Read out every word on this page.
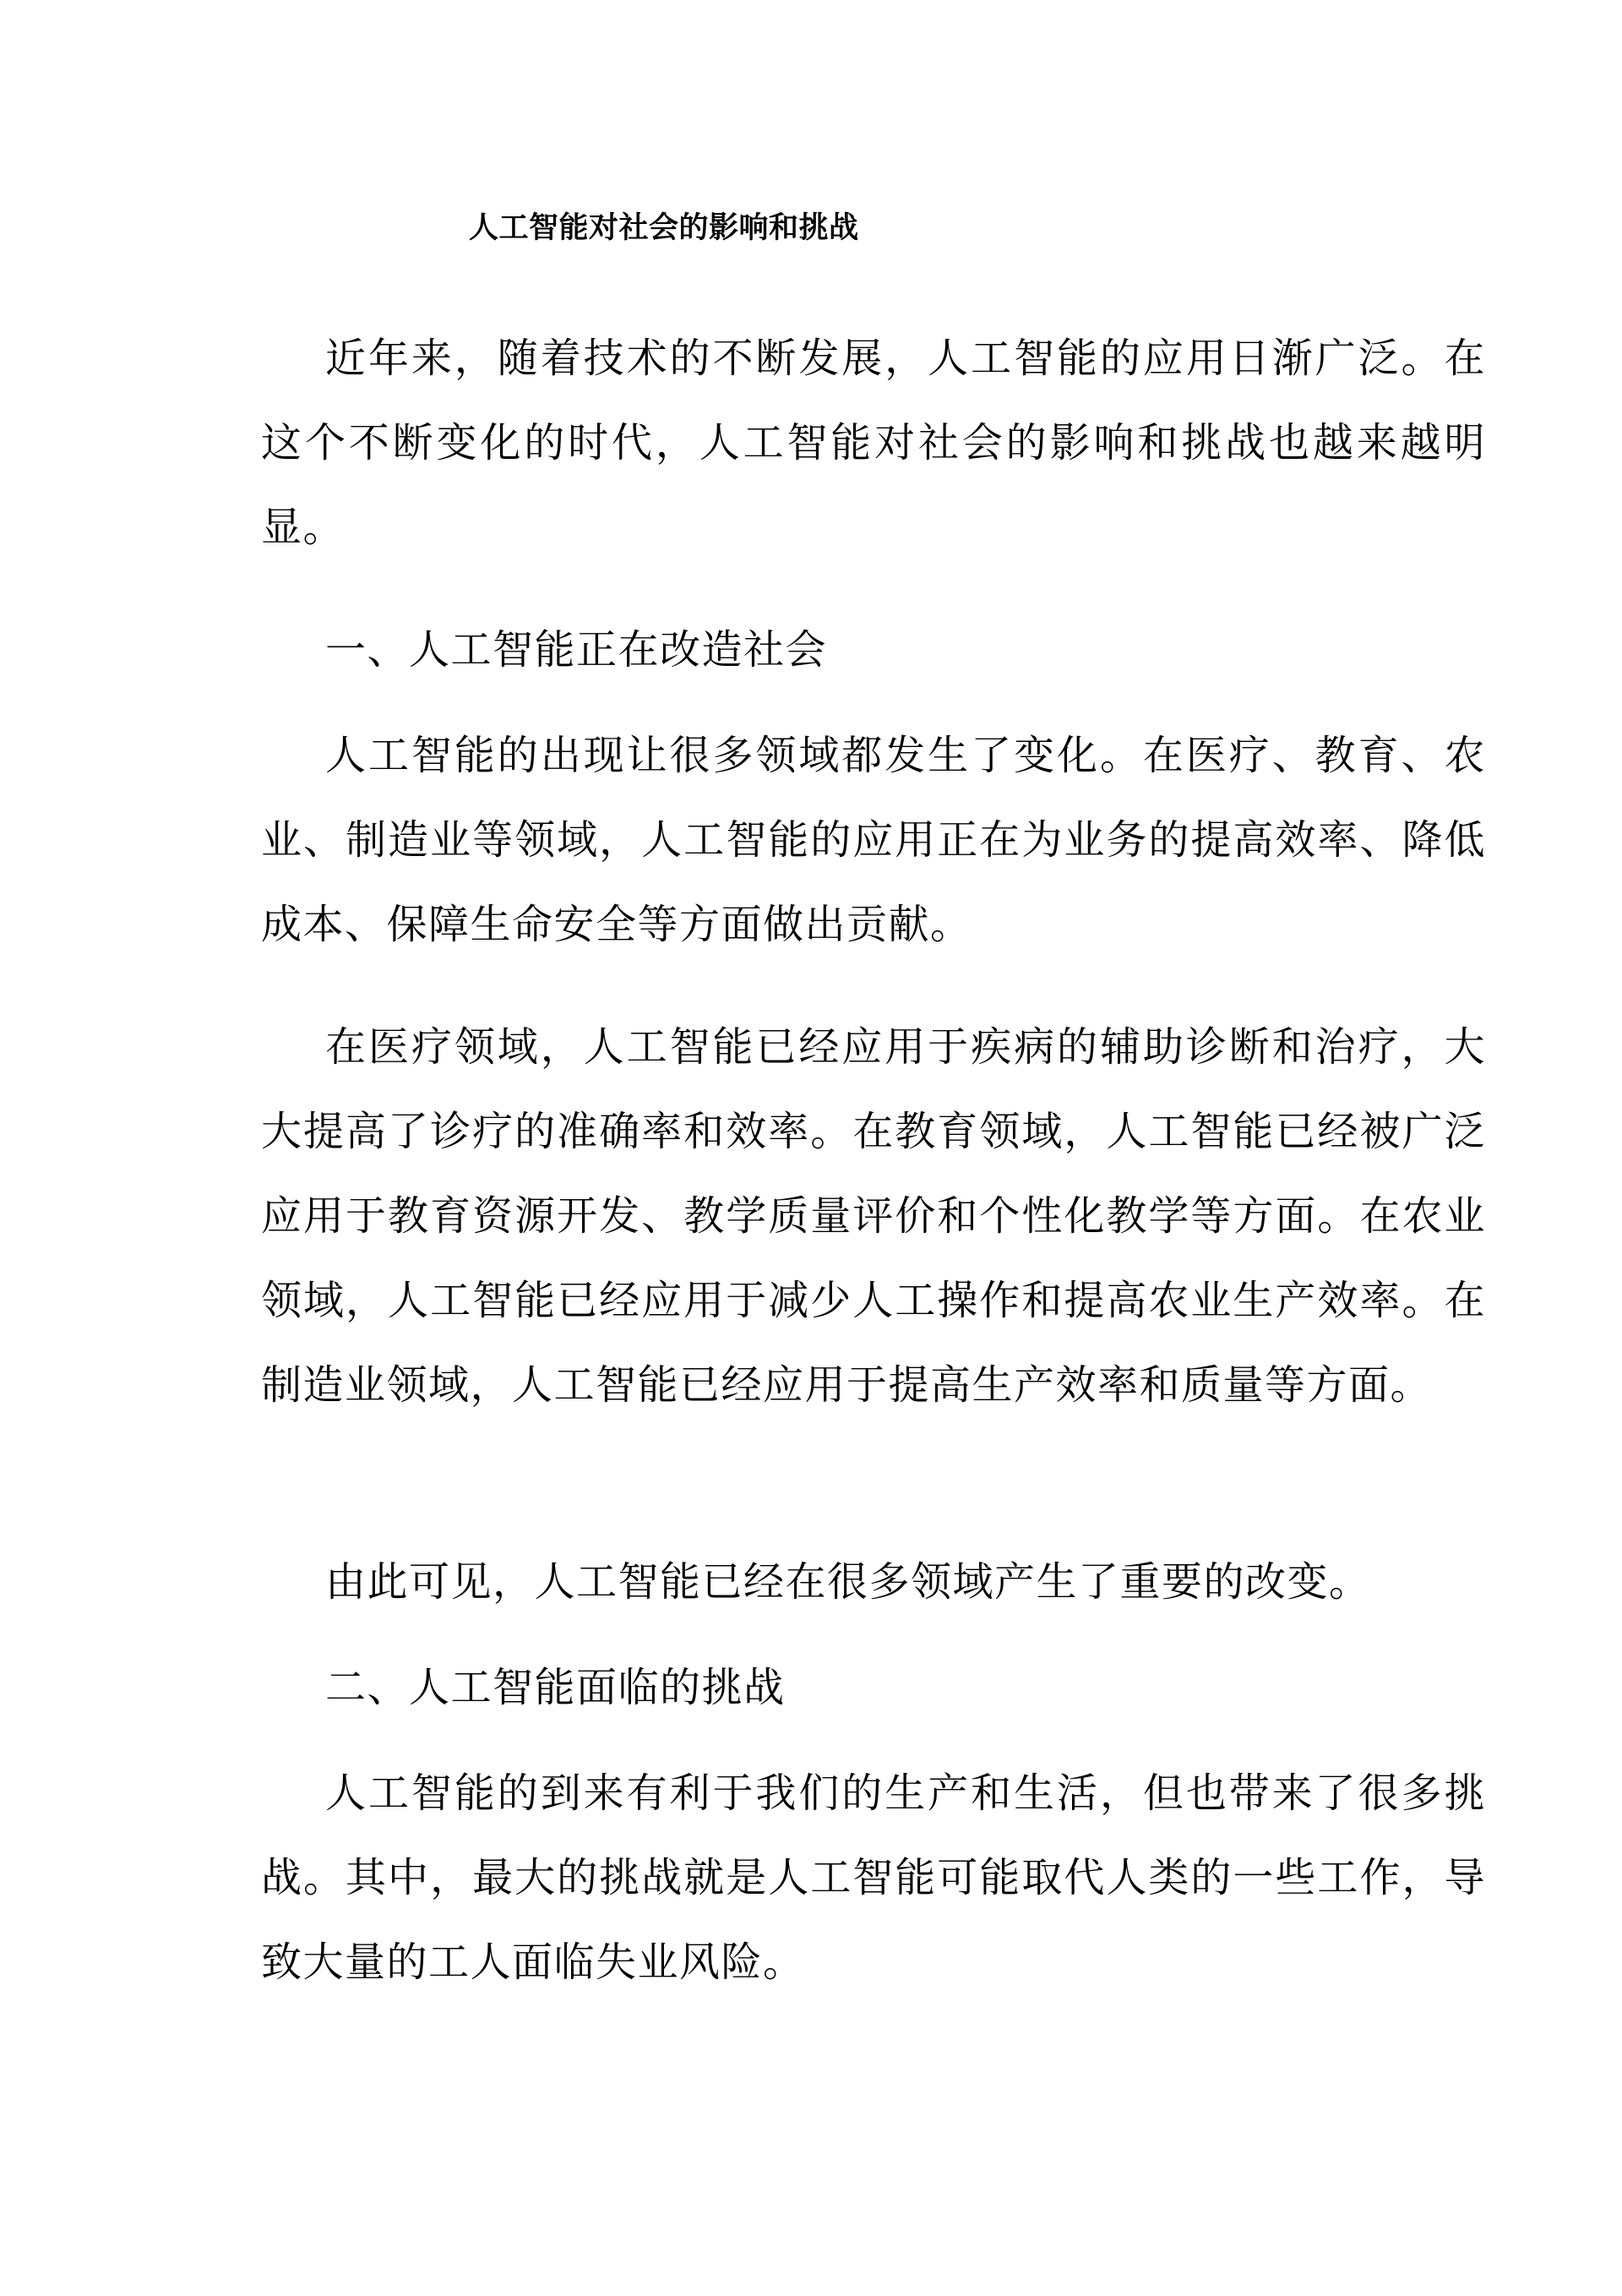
人工智能对社会的影响和挑战

近年来，随着技术的不断发展，人工智能的应用日渐广泛。在这个不断变化的时代，人工智能对社会的影响和挑战也越来越明显。

一、人工智能正在改造社会

人工智能的出现让很多领域都发生了变化。在医疗、教育、农业、制造业等领域，人工智能的应用正在为业务的提高效率、降低成本、保障生命安全等方面做出贡献。

在医疗领域，人工智能已经应用于疾病的辅助诊断和治疗，大大提高了诊疗的准确率和效率。在教育领域，人工智能已经被广泛应用于教育资源开发、教学质量评价和个性化教学等方面。在农业领域，人工智能已经应用于减少人工操作和提高农业生产效率。在制造业领域，人工智能已经应用于提高生产效率和质量等方面。

由此可见，人工智能已经在很多领域产生了重要的改变。

二、人工智能面临的挑战

人工智能的到来有利于我们的生产和生活，但也带来了很多挑战。其中，最大的挑战就是人工智能可能取代人类的一些工作，导致大量的工人面临失业风险。
